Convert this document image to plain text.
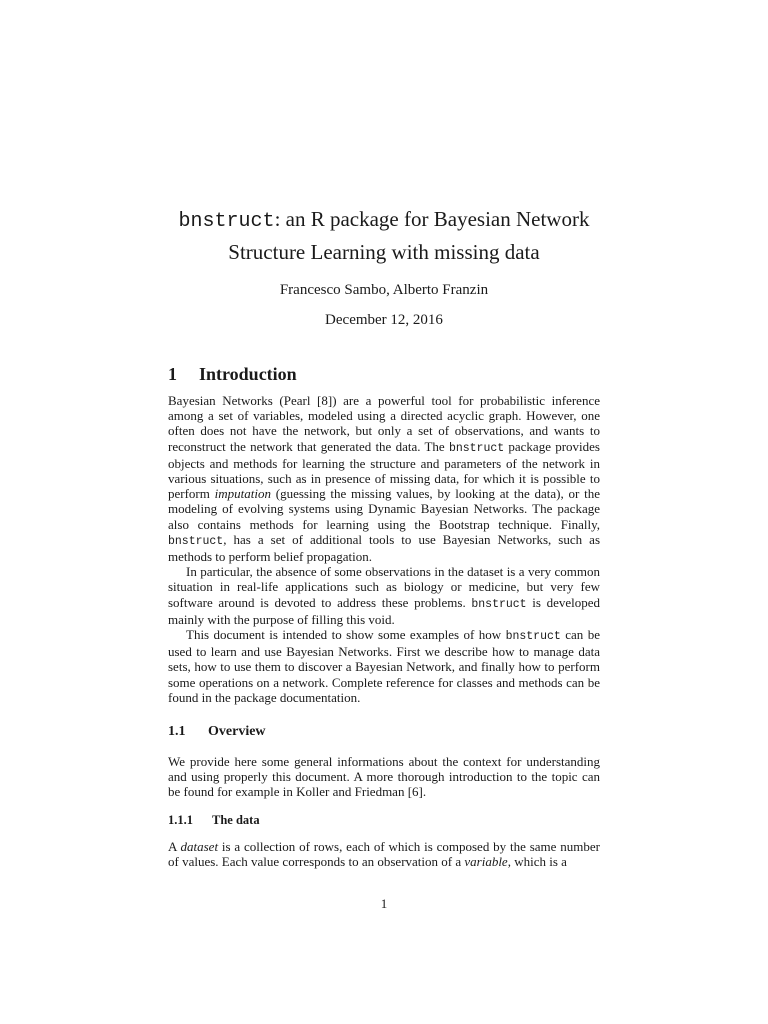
bnstruct: an R package for Bayesian Network
Structure Learning with missing data
Francesco Sambo, Alberto Franzin
December 12, 2016
1 Introduction

Bayesian Networks (Pearl [8]) are a powerful tool for probabilistic inference among a set of variables, modeled using a directed acyclic graph. However, one often does not have the network, but only a set of observations, and wants to reconstruct the network that generated the data. The bnstruct package provides objects and methods for learning the structure and parameters of the network in various situations, such as in presence of missing data, for which it is possible to perform imputation (guessing the missing values, by looking at the data), or the modeling of evolving systems using Dynamic Bayesian Networks. The package also contains methods for learning using the Bootstrap technique. Finally, bnstruct, has a set of additional tools to use Bayesian Networks, such as methods to perform belief propagation.

In particular, the absence of some observations in the dataset is a very common situation in real-life applications such as biology or medicine, but very few software around is devoted to address these problems. bnstruct is developed mainly with the purpose of filling this void.

This document is intended to show some examples of how bnstruct can be used to learn and use Bayesian Networks. First we describe how to manage data sets, how to use them to discover a Bayesian Network, and finally how to perform some operations on a network. Complete reference for classes and methods can be found in the package documentation.

1.1 Overview

We provide here some general informations about the context for understanding and using properly this document. A more thorough introduction to the topic can be found for example in Koller and Friedman [6].

1.1.1 The data

A dataset is a collection of rows, each of which is composed by the same number of values. Each value corresponds to an observation of a variable, which is a

1
